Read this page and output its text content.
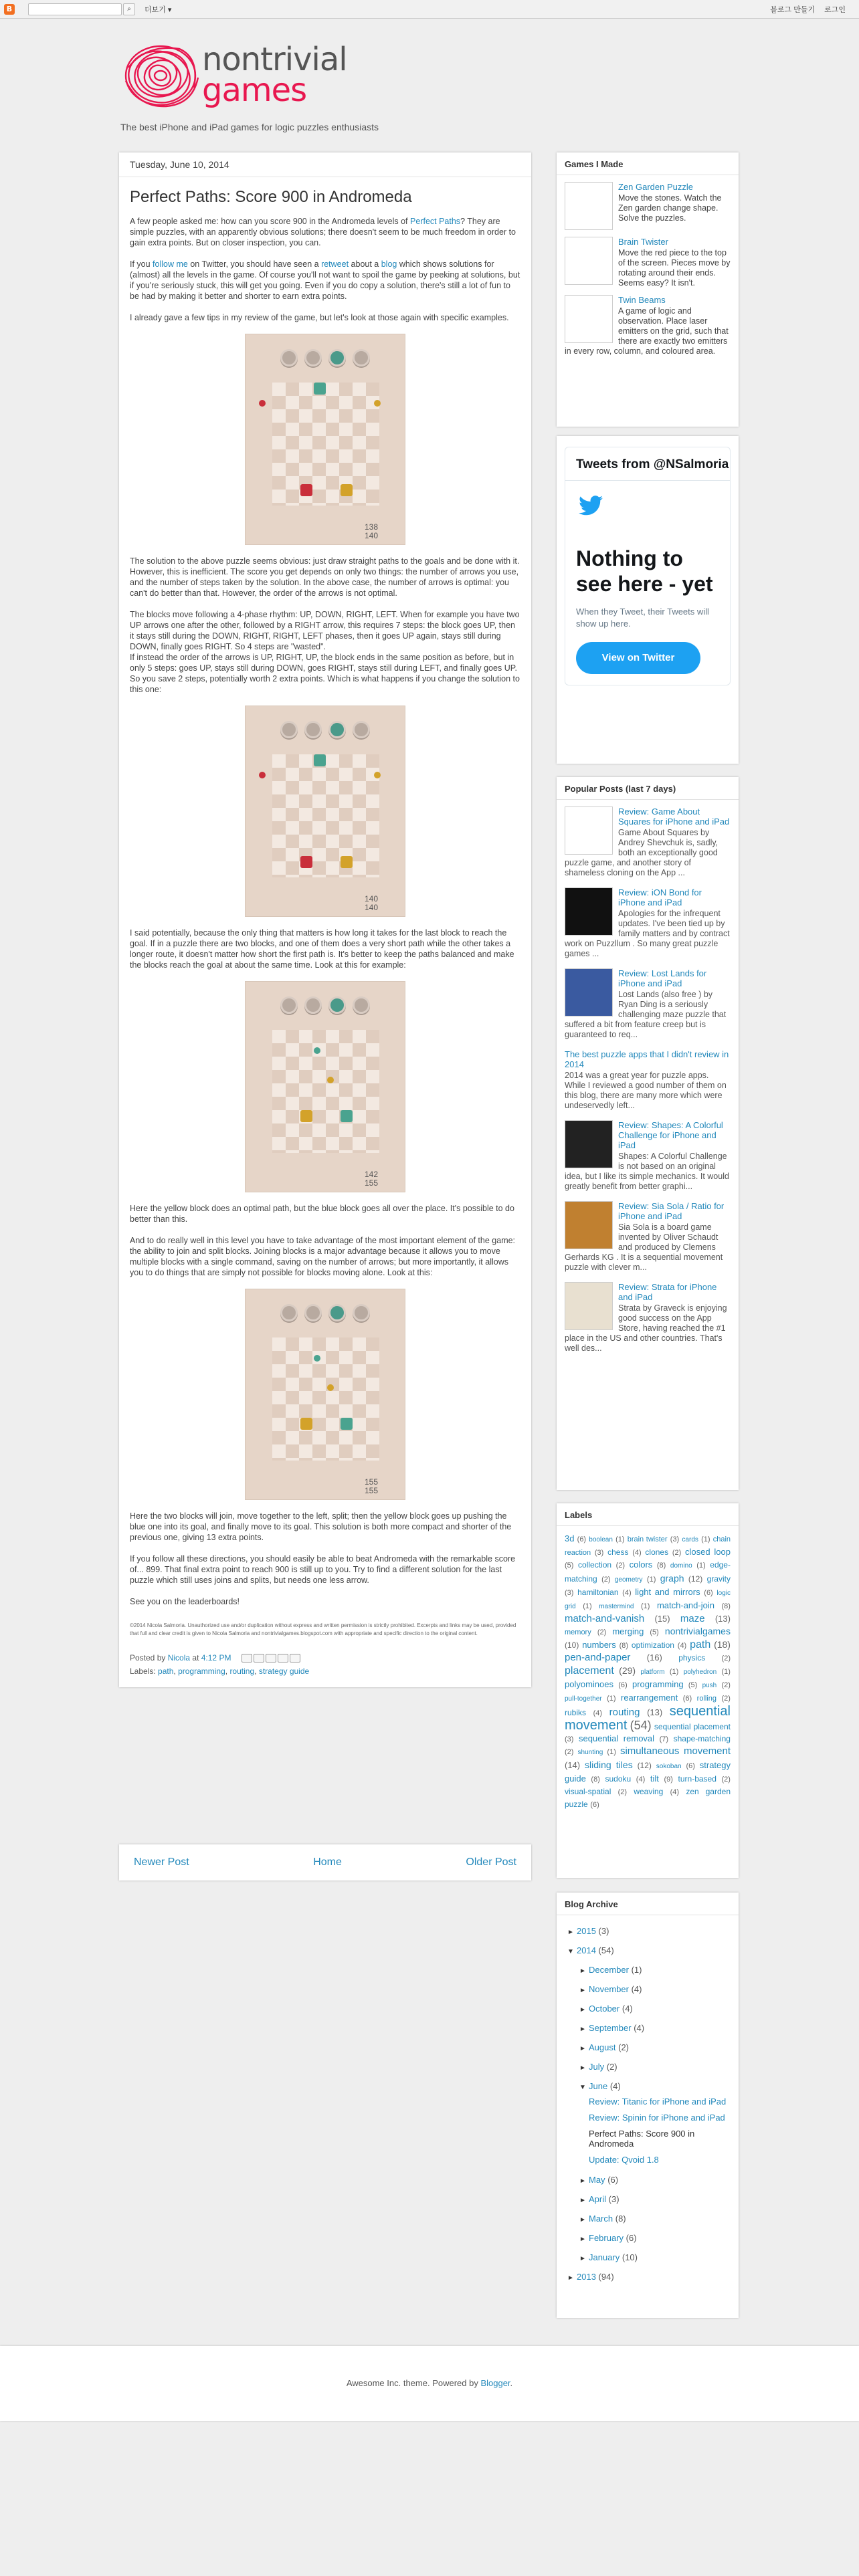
B	⌕ 더보기 ▾	블로그 만들기 로그인
nontrivial
games
The best iPhone and iPad games for logic puzzles enthusiasts
Tuesday, June 10, 2014
Perfect Paths: Score 900 in Andromeda

A few people asked me: how can you score 900 in the Andromeda levels of Perfect Paths? They are simple puzzles, with an apparently obvious solutions; there doesn't seem to be much freedom in order to gain extra points. But on closer inspection, you can.

If you follow me on Twitter, you should have seen a retweet about a blog which shows solutions for (almost) all the levels in the game. Of course you'll not want to spoil the game by peeking at solutions, but if you're seriously stuck, this will get you going. Even if you do copy a solution, there's still a lot of fun to be had by making it better and shorter to earn extra points.

I already gave a few tips in my review of the game, but let's look at those again with specific examples.

138
140

The solution to the above puzzle seems obvious: just draw straight paths to the goals and be done with it. However, this is inefficient. The score you get depends on only two things: the number of arrows you use, and the number of steps taken by the solution. In the above case, the number of arrows is optimal: you can't do better than that. However, the order of the arrows is not optimal.

The blocks move following a 4-phase rhythm: UP, DOWN, RIGHT, LEFT. When for example you have two UP arrows one after the other, followed by a RIGHT arrow, this requires 7 steps: the block goes UP, then it stays still during the DOWN, RIGHT, RIGHT, LEFT phases, then it goes UP again, stays still during DOWN, finally goes RIGHT. So 4 steps are "wasted".
If instead the order of the arrows is UP, RIGHT, UP, the block ends in the same position as before, but in only 5 steps: goes UP, stays still during DOWN, goes RIGHT, stays still during LEFT, and finally goes UP. So you save 2 steps, potentially worth 2 extra points. Which is what happens if you change the solution to this one:

140
140

I said potentially, because the only thing that matters is how long it takes for the last block to reach the goal. If in a puzzle there are two blocks, and one of them does a very short path while the other takes a longer route, it doesn't matter how short the first path is. It's better to keep the paths balanced and make the blocks reach the goal at about the same time. Look at this for example:

142
155

Here the yellow block does an optimal path, but the blue block goes all over the place. It's possible to do better than this.

And to do really well in this level you have to take advantage of the most important element of the game: the ability to join and split blocks. Joining blocks is a major advantage because it allows you to move multiple blocks with a single command, saving on the number of arrows; but more importantly, it allows you to do things that are simply not possible for blocks moving alone. Look at this:

155
155

Here the two blocks will join, move together to the left, split; then the yellow block goes up pushing the blue one into its goal, and finally move to its goal. This solution is both more compact and shorter of the previous one, giving 13 extra points.

If you follow all these directions, you should easily be able to beat Andromeda with the remarkable score of... 899. That final extra point to reach 900 is still up to you. Try to find a different solution for the last puzzle which still uses joins and splits, but needs one less arrow.

See you on the leaderboards!

©2014 Nicola Salmoria. Unauthorized use and/or duplication without express and written permission is strictly prohibited. Excerpts and links may be used, provided that full and clear credit is given to Nicola Salmoria and nontrivialgames.blogspot.com with appropriate and specific direction to the original content.
Posted by Nicola at 4:12 PM
Labels: path, programming, routing, strategy guide
Newer Post	Home	Older Post
Games I Made
Zen Garden Puzzle
Move the stones. Watch the Zen garden change shape. Solve the puzzles.
Brain Twister
Move the red piece to the top of the screen. Pieces move by rotating around their ends. Seems easy? It isn't.
Twin Beams
A game of logic and observation. Place laser emitters on the grid, such that there are exactly two emitters in every row, column, and coloured area.
Tweets from @NSalmoria
Nothing to see here - yet
When they Tweet, their Tweets will show up here.
View on Twitter
Popular Posts (last 7 days)
Review: Game About Squares for iPhone and iPad
Game About Squares by Andrey Shevchuk is, sadly, both an exceptionally good puzzle game, and another story of shameless cloning on the App ...
Review: iON Bond for iPhone and iPad
Apologies for the infrequent updates. I've been tied up by family matters and by contract work on Puzzllum . So many great puzzle games ...
Review: Lost Lands for iPhone and iPad
Lost Lands (also free ) by Ryan Ding is a seriously challenging maze puzzle that suffered a bit from feature creep but is guaranteed to req...
The best puzzle apps that I didn't review in 2014
2014 was a great year for puzzle apps. While I reviewed a good number of them on this blog, there are many more which were undeservedly left...
Review: Shapes: A Colorful Challenge for iPhone and iPad
Shapes: A Colorful Challenge is not based on an original idea, but I like its simple mechanics. It would greatly benefit from better graphi...
Review: Sia Sola / Ratio for iPhone and iPad
Sia Sola is a board game invented by Oliver Schaudt and produced by Clemens Gerhards KG . It is a sequential movement puzzle with clever m...
Review: Strata for iPhone and iPad
Strata by Graveck is enjoying good success on the App Store, having reached the #1 place in the US and other countries. That's well des...
Labels
3d (6) boolean (1) brain twister (3) cards (1) chain reaction (3) chess (4) clones (2) closed loop (5) collection (2) colors (8) domino (1) edge-matching (2) geometry (1) graph (12) gravity (3) hamiltonian (4) light and mirrors (6) logic grid (1) mastermind (1) match-and-join (8) match-and-vanish (15) maze (13) memory (2) merging (5) nontrivialgames (10) numbers (8) optimization (4) path (18) pen-and-paper (16) physics (2) placement (29) platform (1) polyhedron (1) polyominoes (6) programming (5) push (2) pull-together (1) rearrangement (6) rolling (2) rubiks (4) routing (13) sequential movement (54) sequential placement (3) sequential removal (7) shape-matching (2) shunting (1) simultaneous movement (14) sliding tiles (12) sokoban (6) strategy guide (8) sudoku (4) tilt (9) turn-based (2) visual-spatial (2) weaving (4) zen garden puzzle (6)
Blog Archive
► 2015 (3)
▼ 2014 (54)
► December (1)
► November (4)
► October (4)
► September (4)
► August (2)
► July (2)
▼ June (4)
Review: Titanic for iPhone and iPad
Review: Spinin for iPhone and iPad
Perfect Paths: Score 900 in Andromeda
Update: Qvoid 1.8
► May (6)
► April (3)
► March (8)
► February (6)
► January (10)
► 2013 (94)
Awesome Inc. theme. Powered by Blogger.
